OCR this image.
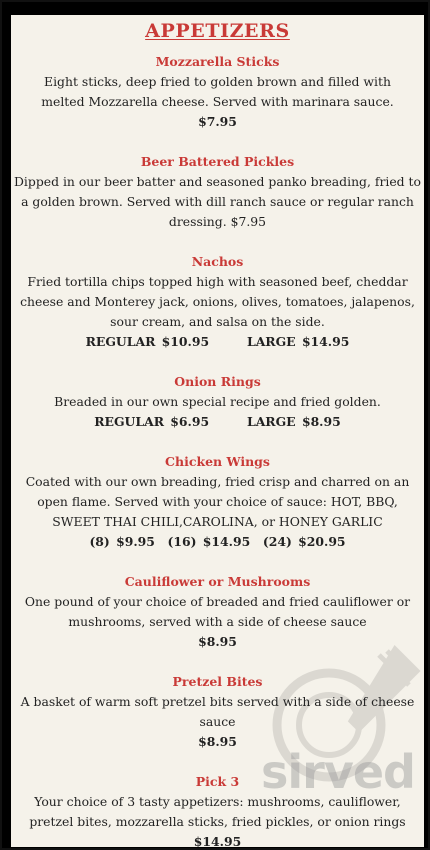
APPETIZERS
Mozzarella Sticks
Eight sticks, deep fried to golden brown and filled with melted Mozzarella cheese. Served with marinara sauce.
$7.95
Beer Battered Pickles
Dipped in our beer batter and seasoned panko breading, fried to a golden brown. Served with dill ranch sauce or regular ranch dressing. $7.95
Nachos
Fried tortilla chips topped high with seasoned beef, cheddar cheese and Monterey jack, onions, olives, tomatoes, jalapenos, sour cream, and salsa on the side.
REGULAR $10.95      LARGE $14.95
Onion Rings
Breaded in our own special recipe and fried golden.
REGULAR $6.95      LARGE $8.95
Chicken Wings
Coated with our own breading, fried crisp and charred on an open flame. Served with your choice of sauce: HOT, BBQ, SWEET THAI CHILI,CAROLINA, or HONEY GARLIC
(8) $9.95  (16) $14.95  (24) $20.95
Cauliflower or Mushrooms
One pound of your choice of breaded and fried cauliflower or mushrooms, served with a side of cheese sauce
$8.95
Pretzel Bites
A basket of warm soft pretzel bits served with a side of cheese sauce
$8.95
Pick 3
Your choice of 3 tasty appetizers: mushrooms, cauliflower, pretzel bites, mozzarella sticks, fried pickles, or onion rings
$14.95
sirved
